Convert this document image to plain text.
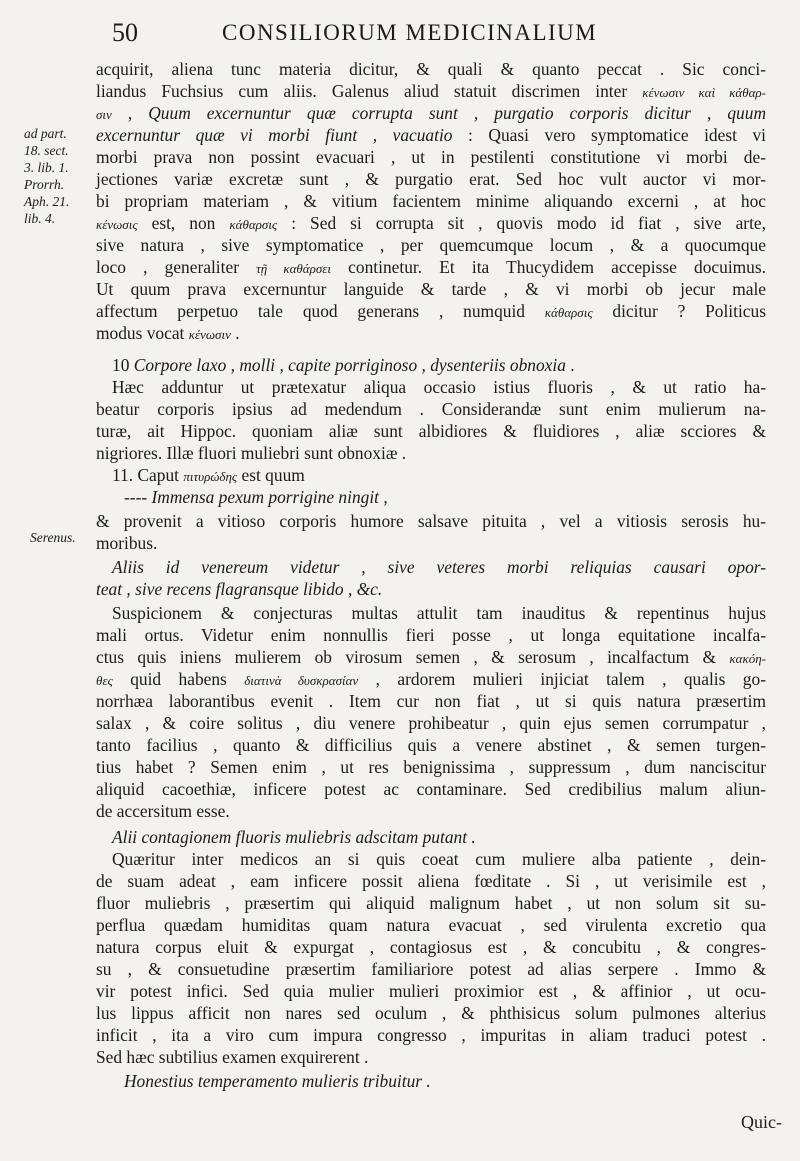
50	CONSILIORUM MEDICINALIUM
ad part.
18. sect.
3. lib. 1.
Prorrh.
Aph. 21.
lib. 4.
Serenus.
acquirit, aliena tunc materia dicitur, & quali & quanto peccat . Sic conci-
liandus Fuchsius cum aliis. Galenus aliud statuit discrimen inter κένωσιν καὶ κάθαρ-
σιν , Quum excernuntur quæ corrupta sunt , purgatio corporis dicitur , quum
excernuntur quæ vi morbi fiunt , vacuatio : Quasi vero symptomatice idest vi
morbi prava non possint evacuari , ut in pestilenti constitutione vi morbi de-
jectiones variæ excretæ sunt , & purgatio erat. Sed hoc vult auctor vi mor-
bi propriam materiam , & vitium facientem minime aliquando excerni , at hoc
κένωσις est, non κάθαρσις : Sed si corrupta sit , quovis modo id fiat , sive arte,
sive natura , sive symptomatice , per quemcumque locum , & a quocumque
loco , generaliter τῇ καθάρσει continetur. Et ita Thucydidem accepisse docuimus.
Ut quum prava excernuntur languide & tarde , & vi morbi ob jecur male
affectum perpetuo tale quod generans , numquid κάθαρσις dicitur ? Politicus
modus vocat κένωσιν .
10 Corpore laxo , molli , capite porriginoso , dysenteriis obnoxia .
Hæc adduntur ut prætexatur aliqua occasio istius fluoris , & ut ratio ha-
beatur corporis ipsius ad medendum . Considerandæ sunt enim mulierum na-
turæ, ait Hippoc. quoniam aliæ sunt albidiores & fluidiores , aliæ scciores &
nigriores. Illæ fluori muliebri sunt obnoxiæ .
11. Caput πιτυρώδης est quum
---- Immensa pexum porrigine ningit ,
& provenit a vitioso corporis humore salsave pituita , vel a vitiosis serosis hu-
moribus.
Aliis id venereum videtur , sive veteres morbi reliquias causari opor-
teat , sive recens flagransque libido , &c.
Suspicionem & conjecturas multas attulit tam inauditus & repentinus hujus
mali ortus. Videtur enim nonnullis fieri posse , ut longa equitatione incalfa-
ctus quis iniens mulierem ob virosum semen , & serosum , incalfactum & κακόη-
θες quid habens διατινὰ δυσκρασίαν , ardorem mulieri injiciat talem , qualis go-
norrhæa laborantibus evenit . Item cur non fiat , ut si quis natura præsertim
salax , & coire solitus , diu venere prohibeatur , quin ejus semen corrumpatur ,
tanto facilius , quanto & difficilius quis a venere abstinet , & semen turgen-
tius habet ? Semen enim , ut res benignissima , suppressum , dum nanciscitur
aliquid cacoethiæ, inficere potest ac contaminare. Sed credibilius malum aliun-
de accersitum esse.
Alii contagionem fluoris muliebris adscitam putant .
Quæritur inter medicos an si quis coeat cum muliere alba patiente , dein-
de suam adeat , eam inficere possit aliena fœditate . Si , ut verisimile est ,
fluor muliebris , præsertim qui aliquid malignum habet , ut non solum sit su-
perflua quædam humiditas quam natura evacuat , sed virulenta excretio qua
natura corpus eluit & expurgat , contagiosus est , & concubitu , & congres-
su , & consuetudine præsertim familiariore potest ad alias serpere . Immo &
vir potest infici. Sed quia mulier mulieri proximior est , & affinior , ut ocu-
lus lippus afficit non nares sed oculum , & phthisicus solum pulmones alterius
inficit , ita a viro cum impura congresso , impuritas in aliam traduci potest .
Sed hæc subtilius examen exquirerent .
Honestius temperamento mulieris tribuitur .
Quic-
